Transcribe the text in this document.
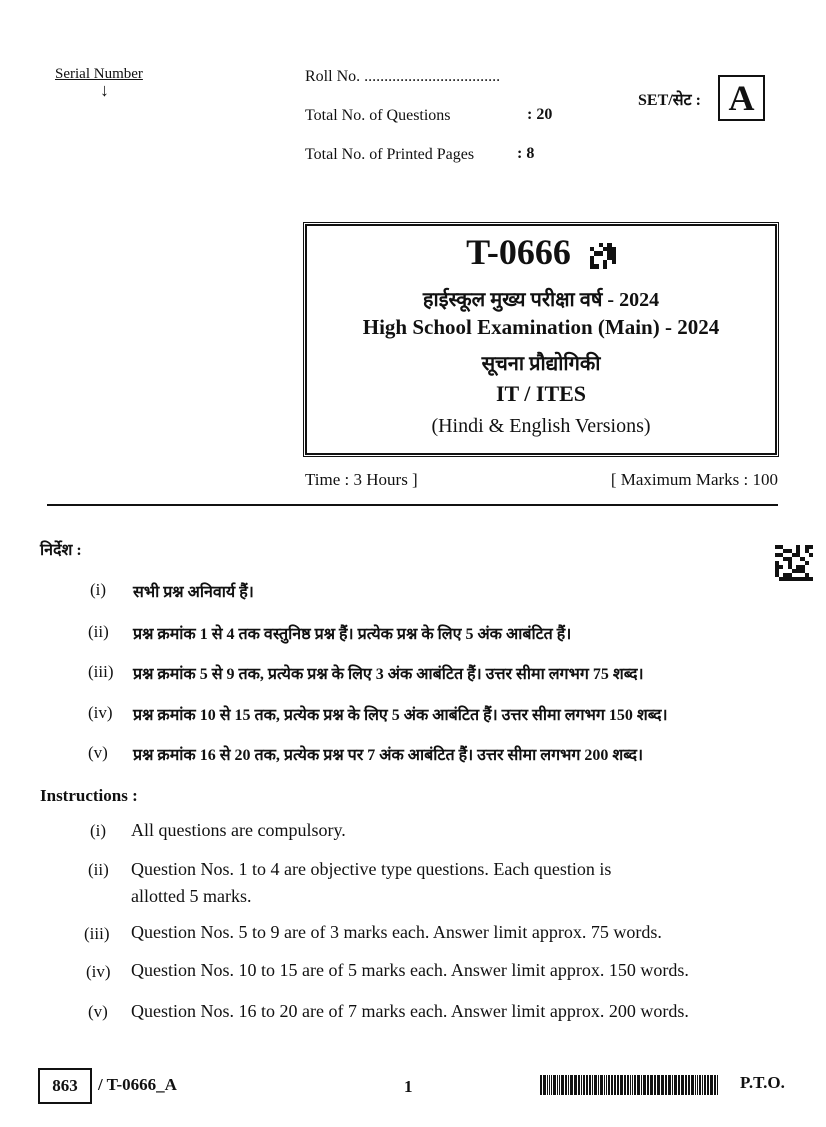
Serial Number
↓
Roll No. ..................................
Total No. of Questions	: 20
Total No. of Printed Pages	: 8
SET/सेट : A
T-0666
हाईस्कूल मुख्य परीक्षा वर्ष - 2024
High School Examination (Main) - 2024
सूचना प्रौद्योगिकी
IT / ITES
(Hindi & English Versions)
Time : 3 Hours ]	[ Maximum Marks : 100
निर्देश :
(i) सभी प्रश्न अनिवार्य हैं।
(ii) प्रश्न क्रमांक 1 से 4 तक वस्तुनिष्ठ प्रश्न हैं। प्रत्येक प्रश्न के लिए 5 अंक आबंटित हैं।
(iii) प्रश्न क्रमांक 5 से 9 तक, प्रत्येक प्रश्न के लिए 3 अंक आबंटित हैं। उत्तर सीमा लगभग 75 शब्द।
(iv) प्रश्न क्रमांक 10 से 15 तक, प्रत्येक प्रश्न के लिए 5 अंक आबंटित हैं। उत्तर सीमा लगभग 150 शब्द।
(v) प्रश्न क्रमांक 16 से 20 तक, प्रत्येक प्रश्न पर 7 अंक आबंटित हैं। उत्तर सीमा लगभग 200 शब्द।
Instructions :
(i) All questions are compulsory.
(ii) Question Nos. 1 to 4 are objective type questions. Each question is
allotted 5 marks.
(iii) Question Nos. 5 to 9 are of 3 marks each. Answer limit approx. 75 words.
(iv) Question Nos. 10 to 15 are of 5 marks each. Answer limit approx. 150 words.
(v) Question Nos. 16 to 20 are of 7 marks each. Answer limit approx. 200 words.
863	/ T-0666_A	1	P.T.O.
